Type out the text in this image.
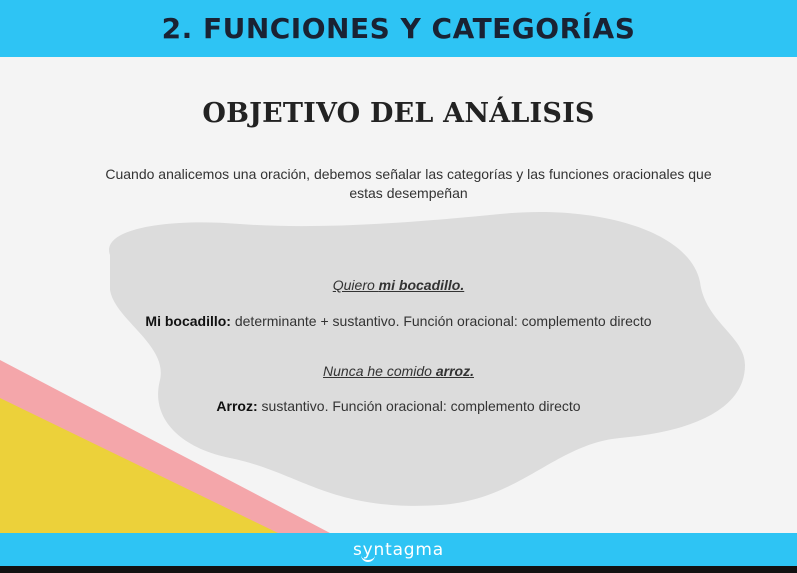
2. FUNCIONES Y CATEGORÍAS
OBJETIVO DEL ANÁLISIS
Cuando analicemos una oración, debemos señalar las categorías y las funciones oracionales que estas desempeñan
Quiero mi bocadillo.
Mi bocadillo: determinante + sustantivo. Función oracional: complemento directo
Nunca he comido arroz.
Arroz: sustantivo. Función oracional: complemento directo
syntagma
